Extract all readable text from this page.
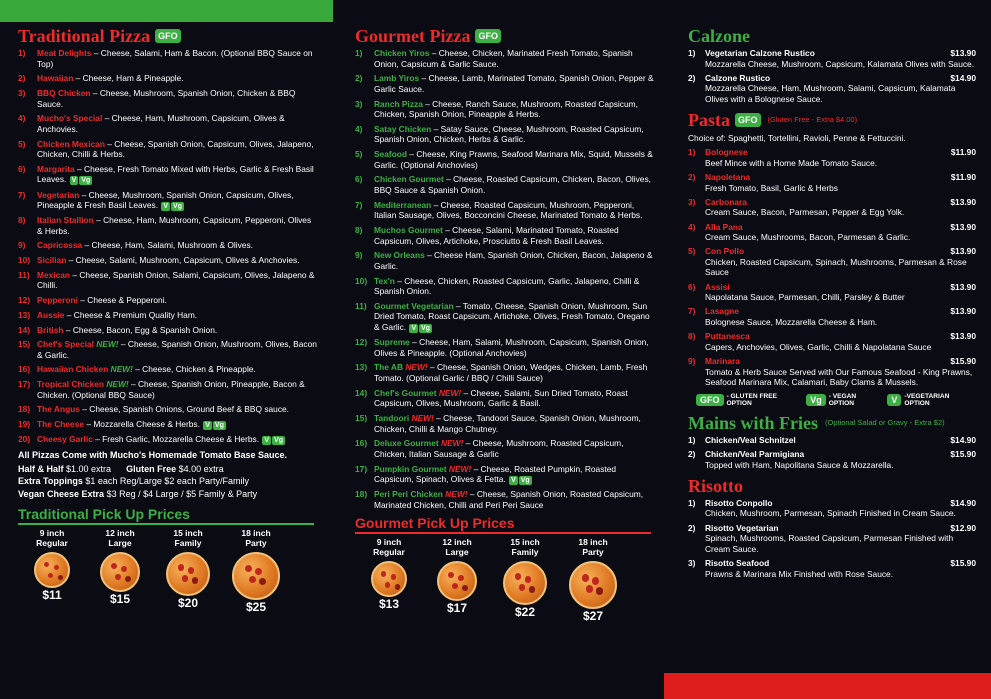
Traditional Pizza GFO
1)	Meat Delights – Cheese, Salami, Ham & Bacon. (Optional BBQ Sauce on Top)
2)	Hawaiian – Cheese, Ham & Pineapple.
3)	BBQ Chicken – Cheese, Mushroom, Spanish Onion, Chicken & BBQ Sauce.
4)	Mucho's Special – Cheese, Ham, Mushroom, Capsicum, Olives & Anchovies.
5)	Chicken Mexican – Cheese, Spanish Onion, Capsicum, Olives, Jalapeno, Chicken, Chilli & Herbs.
6)	Margarita – Cheese, Fresh Tomato Mixed with Herbs, Garlic & Fresh Basil Leaves. V Vg
7)	Vegetarian – Cheese, Mushroom, Spanish Onion, Capsicum, Olives, Pineapple & Fresh Basil Leaves. V Vg
8)	Italian Stallion – Cheese, Ham, Mushroom, Capsicum, Pepperoni, Olives & Herbs.
9)	Capricossa – Cheese, Ham, Salami, Mushroom & Olives.
10) Sicilian – Cheese, Salami, Mushroom, Capsicum, Olives & Anchovies.
11) Mexican – Cheese, Spanish Onion, Salami, Capsicum, Olives, Jalapeno & Chilli.
12) Pepperoni – Cheese & Pepperoni.
13) Aussie – Cheese & Premium Quality Ham.
14) British – Cheese, Bacon, Egg & Spanish Onion.
15) Chef's Special NEW! – Cheese, Spanish Onion, Mushroom, Olives, Bacon & Garlic.
16) Hawaiian Chicken NEW! – Cheese, Chicken & Pineapple.
17) Tropical Chicken NEW! – Cheese, Spanish Onion, Pineapple, Bacon & Chicken. (Optional BBQ Sauce)
18) The Angus – Cheese, Spanish Onions, Ground Beef & BBQ sauce.
19) The Cheese – Mozzarella Cheese & Herbs. V Vg
20) Cheesy Garlic – Fresh Garlic, Mozzarella Cheese & Herbs. V Vg
All Pizzas Come with Mucho's Homemade Tomato Base Sauce.
Half & Half $1.00 extra Gluten Free $4.00 extra
Extra Toppings $1 each Reg/Large $2 each Party/Family
Vegan Cheese Extra $3 Reg / $4 Large / $5 Family & Party
Traditional Pick Up Prices
9 inch
Regular
$11
12 inch
Large
$15
15 inch
Family
$20
18 inch
Party
$25
Gourmet Pizza GFO
1)	Chicken Yiros – Cheese, Chicken, Marinated Fresh Tomato, Spanish Onion, Capsicum & Garlic Sauce.
2)	Lamb Yiros – Cheese, Lamb, Marinated Tomato, Spanish Onion, Pepper & Garlic Sauce.
3)	Ranch Pizza – Cheese, Ranch Sauce, Mushroom, Roasted Capsicum, Chicken, Spanish Onion, Pineapple & Herbs.
4)	Satay Chicken – Satay Sauce, Cheese, Mushroom, Roasted Capsicum, Spanish Onion, Chicken, Herbs & Garlic.
5)	Seafood – Cheese, King Prawns, Seafood Marinara Mix, Squid, Mussels & Garlic. (Optional Anchovies)
6)	Chicken Gourmet – Cheese, Roasted Capsicum, Chicken, Bacon, Olives, BBQ Sauce & Spanish Onion.
7)	Mediterranean – Cheese, Roasted Capsicum, Mushroom, Pepperoni, Italian Sausage, Olives, Bocconcini Cheese, Marinated Tomato & Herbs.
8)	Muchos Gourmet – Cheese, Salami, Marinated Tomato, Roasted Capsicum, Olives, Artichoke, Prosciutto & Fresh Basil Leaves.
9)	New Orleans – Cheese Ham, Spanish Onion, Chicken, Bacon, Jalapeno & Garlic.
10) Tex'n – Cheese, Chicken, Roasted Capsicum, Garlic, Jalapeno, Chilli & Spanish Onion.
11) Gourmet Vegetarian – Tomato, Cheese, Spanish Onion, Mushroom, Sun Dried Tomato, Roast Capsicum, Artichoke, Olives, Fresh Tomato, Oregano & Garlic. V Vg
12) Supreme – Cheese, Ham, Salami, Mushroom, Capsicum, Spanish Onion, Olives & Pineapple. (Optional Anchovies)
13) The AB NEW! – Cheese, Spanish Onion, Wedges, Chicken, Lamb, Fresh Tomato. (Optional Garlic / BBQ / Chilli Sauce)
14) Chef's Gourmet NEW! – Cheese, Salami, Sun Dried Tomato, Roast Capsicum, Olives, Mushroom, Garlic & Basil.
15) Tandoori NEW! – Cheese, Tandoori Sauce, Spanish Onion, Mushroom, Chicken, Chilli & Mango Chutney.
16) Deluxe Gourmet NEW! – Cheese, Mushroom, Roasted Capsicum, Chicken, Italian Sausage & Garlic
17) Pumpkin Gourmet NEW! – Cheese, Roasted Pumpkin, Roasted Capsicum, Spinach, Olives & Fetta. V Vg
18) Peri Peri Chicken NEW! – Cheese, Spanish Onion, Roasted Capsicum, Marinated Chicken, Chilli and Peri Peri Sauce
Gourmet Pick Up Prices
9 inch
Regular
$13
12 inch
Large
$17
15 inch
Family
$22
18 inch
Party
$27
Calzone
1)	Vegetarian Calzone Rustico	$13.90
Mozzarella Cheese, Mushroom, Capsicum, Kalamata Olives with Sauce.
2)	Calzone Rustico	$14.90
Mozzarella Cheese, Ham, Mushroom, Salami, Capsicum, Kalamata Olives with a Bolognese Sauce.
Pasta GFO	(Gluten Free - Extra $4.00)
Choice of: Spaghetti, Tortellini, Ravioli, Penne & Fettuccini.
1)	Bolognese	$11.90
Beef Mince with a Home Made Tomato Sauce.
2)	Napoletana	$11.90
Fresh Tomato, Basil, Garlic & Herbs
3)	Carbonara	$13.90
Cream Sauce, Bacon, Parmesan, Pepper & Egg Yolk.
4)	Alla Pana	$13.90
Cream Sauce, Mushrooms, Bacon, Parmesan & Garlic.
5)	Con Pollo	$13.90
Chicken, Roasted Capsicum, Spinach, Mushrooms, Parmesan & Rose Sauce
6)	Assisi	$13.90
Napolatana Sauce, Parmesan, Chilli, Parsley & Butter
7)	Lasagne	$13.90
Bolognese Sauce, Mozzarella Cheese & Ham.
8)	Puttanesca	$13.90
Capers, Anchovies, Olives, Garlic, Chilli & Napolatana Sauce
9)	Marinara	$15.90
Tomato & Herb Sauce Served with Our Famous Seafood - King Prawns, Seafood Marinara Mix, Calamari, Baby Clams & Mussels.
GFO	- GLUTEN FREE OPTION	Vg	- VEGAN OPTION	V	-VEGETARIAN OPTION
Mains with Fries (Optional Salad or Gravy - Extra $2)
1)	Chicken/Veal Schnitzel	$14.90
2)	Chicken/Veal Parmigiana	$15.90
Topped with Ham, Napolitana Sauce & Mozzarella.
Risotto
1)	Risotto Conpollo	$14.90
Chicken, Mushroom, Parmesan, Spinach Finished in Cream Sauce.
2)	Risotto Vegetarian	$12.90
Spinach, Mushrooms, Roasted Capsicum, Parmesan Finished with Cream Sauce.
3)	Risotto Seafood	$15.90
Prawns & Marinara Mix Finished with Rose Sauce.
